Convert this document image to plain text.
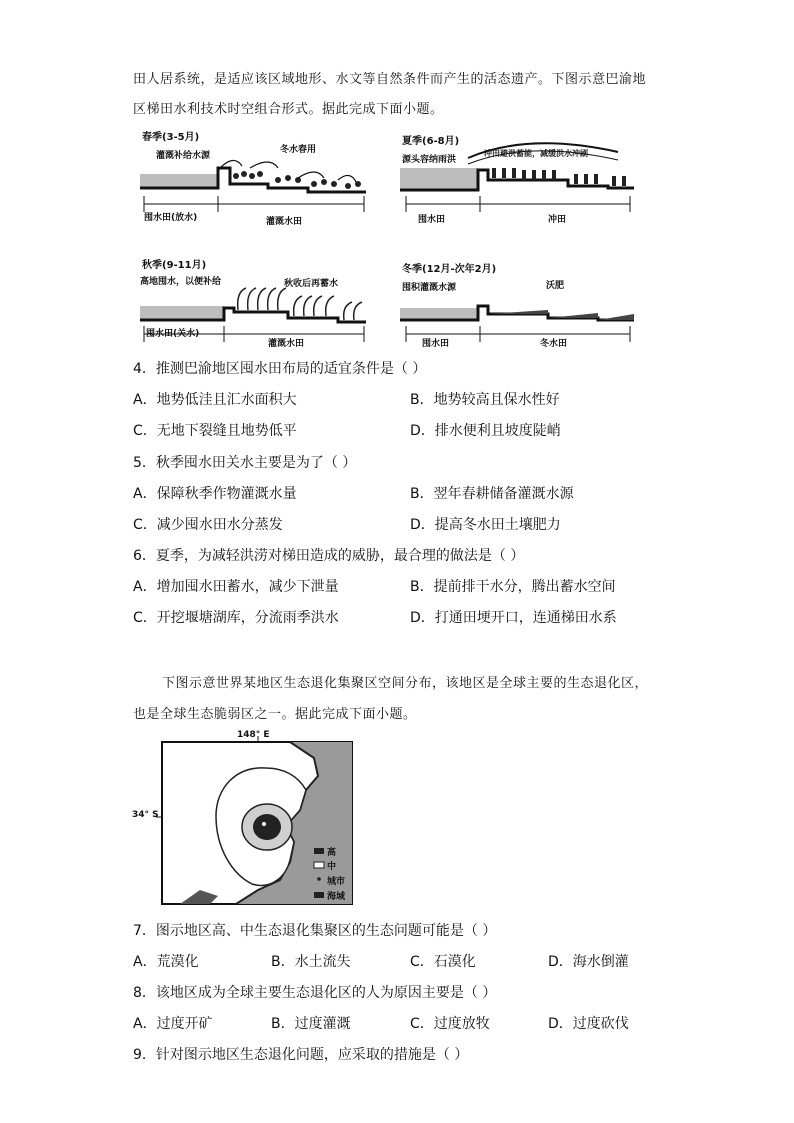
田人居系统，是适应该区域地形、水文等自然条件而产生的活态遗产。下图示意巴渝地
区梯田水利技术时空组合形式。据此完成下面小题。
春季(3-5月)
灌溉补给水源
冬水春用
囤水田(放水)	灌溉水田
夏季(6-8月)
源头容纳雨洪
冲田避洪蓄能，减缓洪水冲刷
囤水田	冲田
秋季(9-11月)
高地囤水，以便补给	秋收后再蓄水
囤水田(关水)
灌溉水田
冬季(12月-次年2月)
囤积灌溉水源	沃肥
囤水田	冬水田
4．推测巴渝地区囤水田布局的适宜条件是（ ）
A．地势低洼且汇水面积大	B．地势较高且保水性好
C．无地下裂缝且地势低平	D．排水便利且坡度陡峭
5．秋季囤水田关水主要是为了（ ）
A．保障秋季作物灌溉水量	B．翌年春耕储备灌溉水源
C．减少囤水田水分蒸发	D．提高冬水田土壤肥力
6．夏季，为减轻洪涝对梯田造成的威胁，最合理的做法是（ ）
A．增加囤水田蓄水，减少下泄量	B．提前排干水分，腾出蓄水空间
C．开挖堰塘湖库，分流雨季洪水	D．打通田埂开口，连通梯田水系
下图示意世界某地区生态退化集聚区空间分布，该地区是全球主要的生态退化区，
也是全球生态脆弱区之一。据此完成下面小题。
148° E
34° S
高
中
城市
海域
7．图示地区高、中生态退化集聚区的生态问题可能是（ ）
A．荒漠化	B．水土流失	C．石漠化	D．海水倒灌
8．该地区成为全球主要生态退化区的人为原因主要是（ ）
A．过度开矿	B．过度灌溉	C．过度放牧	D．过度砍伐
9．针对图示地区生态退化问题，应采取的措施是（ ）
